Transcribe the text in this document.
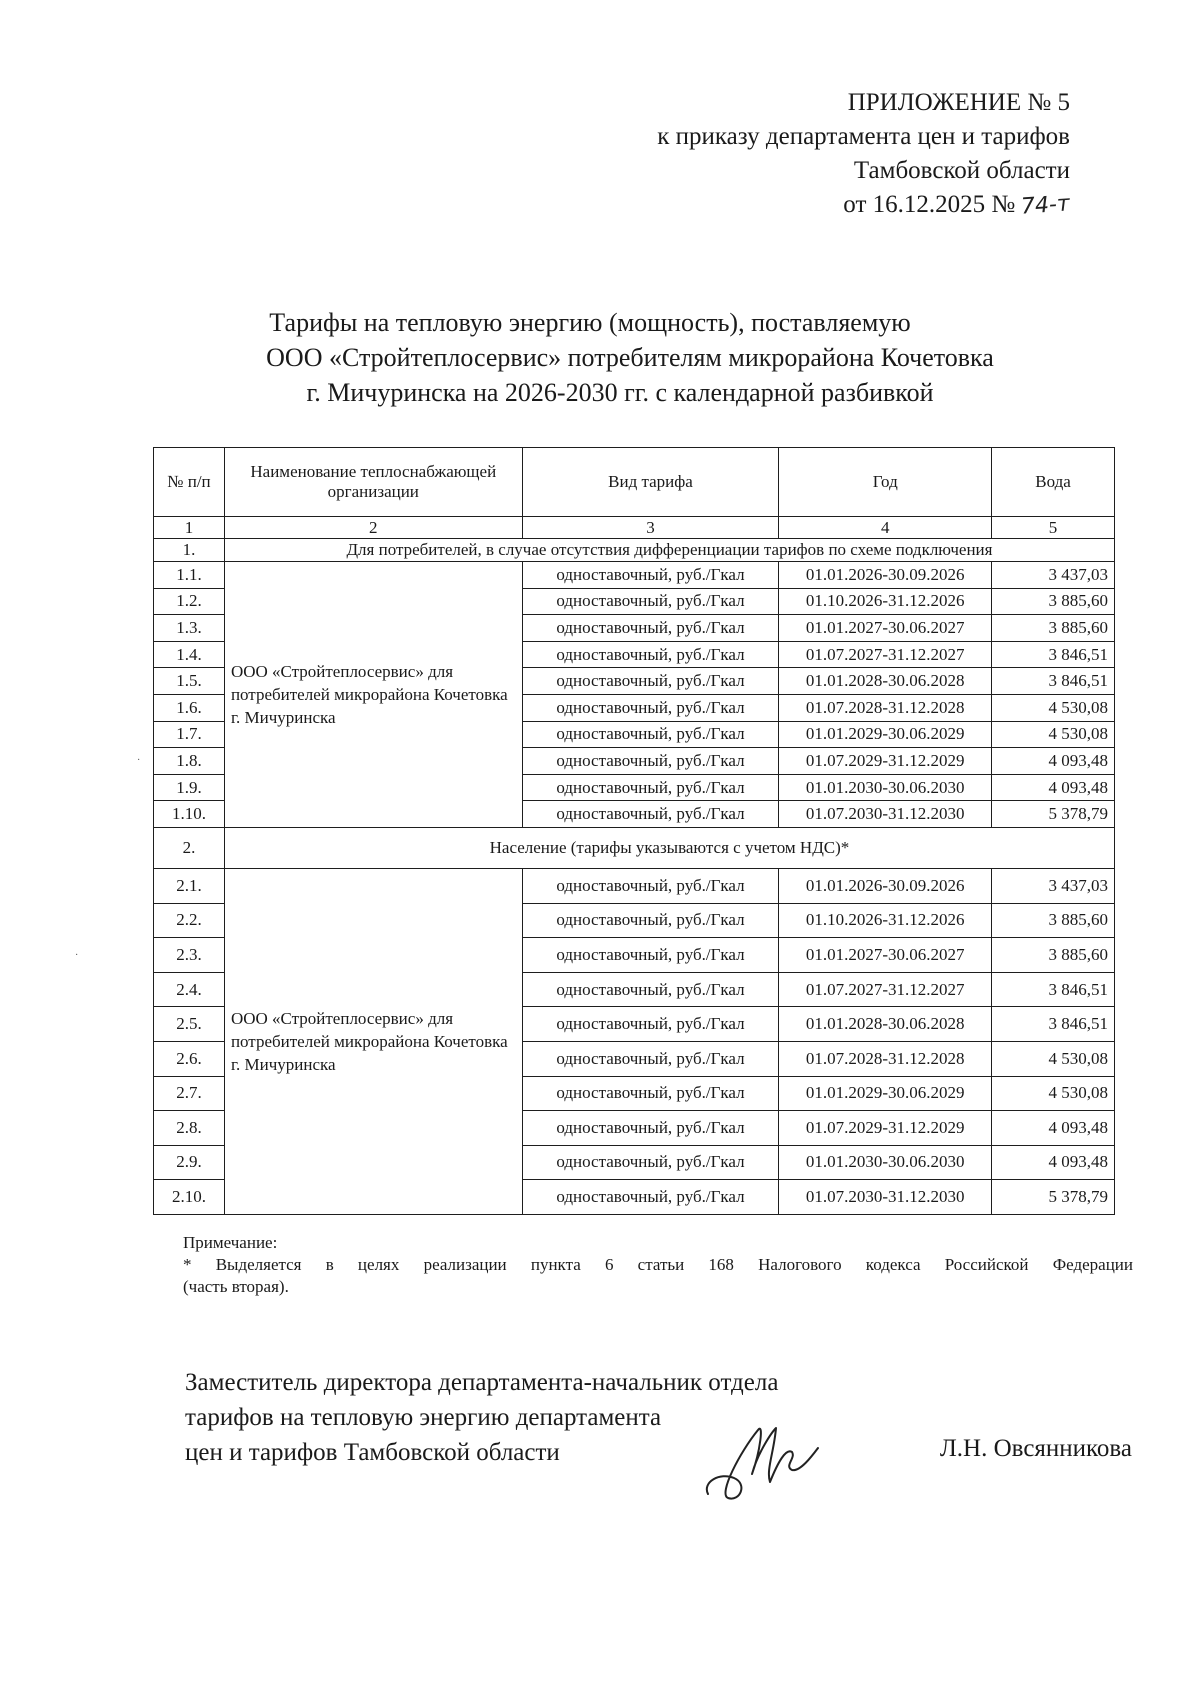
ПРИЛОЖЕНИЕ № 5
к приказу департамента цен и тарифов
Тамбовской области
от 16.12.2025 № 74-т
Тарифы на тепловую энергию (мощность), поставляемую
ООО «Стройтеплосервис» потребителям микрорайона Кочетовка
г. Мичуринска на 2026-2030 гг. с календарной разбивкой
№ п/п	Наименование теплоснабжающей организации	Вид тарифа	Год	Вода
1	2	3	4	5
1.	Для потребителей, в случае отсутствия дифференциации тарифов по схеме подключения			
1.1.	ООО «Стройтеплосервис» для потребителей микрорайона Кочетовка г. Мичуринска	одноставочный, руб./Гкал	01.01.2026-30.09.2026	3 437,03
1.2.		одноставочный, руб./Гкал	01.10.2026-31.12.2026	3 885,60
1.3.		одноставочный, руб./Гкал	01.01.2027-30.06.2027	3 885,60
1.4.		одноставочный, руб./Гкал	01.07.2027-31.12.2027	3 846,51
1.5.		одноставочный, руб./Гкал	01.01.2028-30.06.2028	3 846,51
1.6.		одноставочный, руб./Гкал	01.07.2028-31.12.2028	4 530,08
1.7.		одноставочный, руб./Гкал	01.01.2029-30.06.2029	4 530,08
1.8.		одноставочный, руб./Гкал	01.07.2029-31.12.2029	4 093,48
1.9.		одноставочный, руб./Гкал	01.01.2030-30.06.2030	4 093,48
1.10.		одноставочный, руб./Гкал	01.07.2030-31.12.2030	5 378,79
2.	Население (тарифы указываются с учетом НДС)*			
2.1.	ООО «Стройтеплосервис» для потребителей микрорайона Кочетовка г. Мичуринска	одноставочный, руб./Гкал	01.01.2026-30.09.2026	3 437,03
2.2.		одноставочный, руб./Гкал	01.10.2026-31.12.2026	3 885,60
2.3.		одноставочный, руб./Гкал	01.01.2027-30.06.2027	3 885,60
2.4.		одноставочный, руб./Гкал	01.07.2027-31.12.2027	3 846,51
2.5.		одноставочный, руб./Гкал	01.01.2028-30.06.2028	3 846,51
2.6.		одноставочный, руб./Гкал	01.07.2028-31.12.2028	4 530,08
2.7.		одноставочный, руб./Гкал	01.01.2029-30.06.2029	4 530,08
2.8.		одноставочный, руб./Гкал	01.07.2029-31.12.2029	4 093,48
2.9.		одноставочный, руб./Гкал	01.01.2030-30.06.2030	4 093,48
2.10.		одноставочный, руб./Гкал	01.07.2030-31.12.2030	5 378,79
Примечание:
* Выделяется в целях реализации пункта 6 статьи 168 Налогового кодекса Российской Федерации
(часть вторая).
Заместитель директора департамента-начальник отдела
тарифов на тепловую энергию департамента
цен и тарифов Тамбовской области	Л.Н. Овсянникова
·
·
